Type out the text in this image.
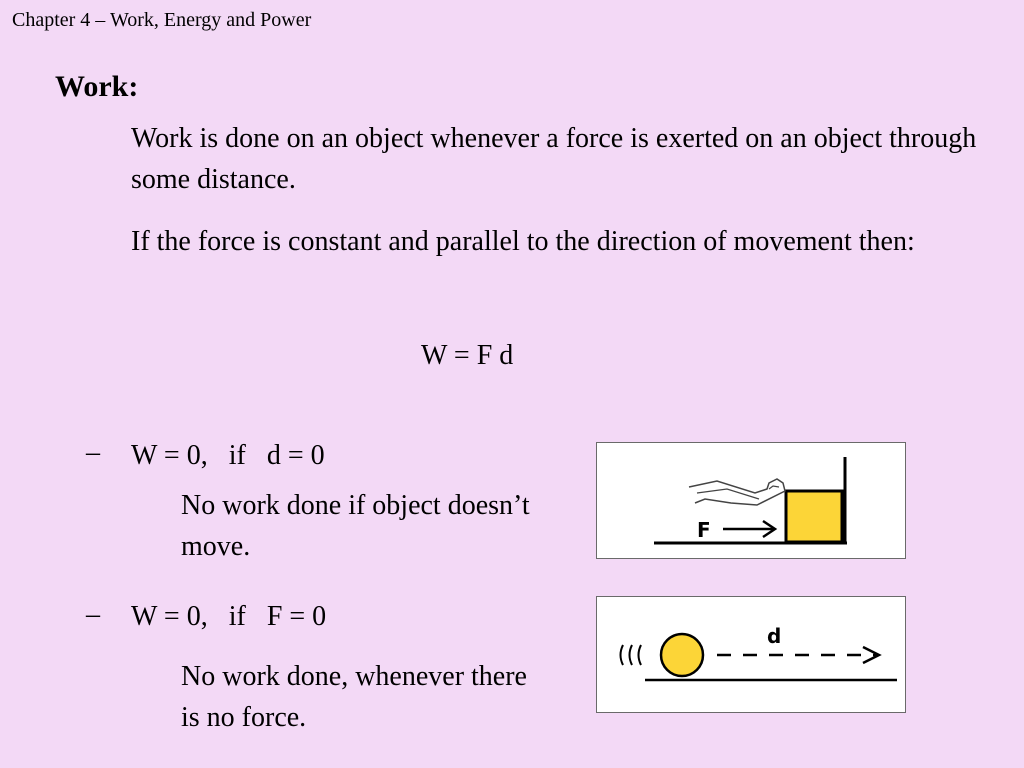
Chapter 4 – Work, Energy and Power
Work:
Work is done on an object whenever a force is exerted on an object through some distance.
If the force is constant and parallel to the direction of movement then:
W = F d
– W = 0,   if   d = 0
No work done if object doesn’t move.
F
– W = 0,   if   F = 0
No work done, whenever there is no force.
d
